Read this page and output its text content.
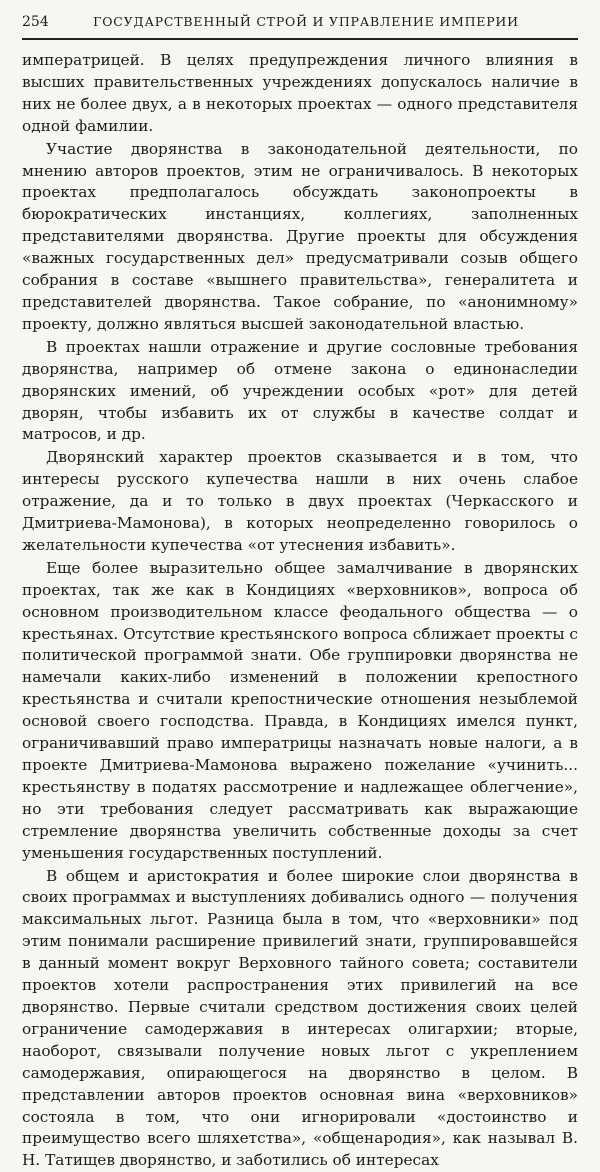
254	ГОСУДАРСТВЕННЫЙ СТРОЙ И УПРАВЛЕНИЕ ИМПЕРИИ

императрицей. В целях предупреждения личного влияния в высших правительственных учреждениях допускалось наличие в них не более двух, а в некоторых проектах — одного представителя одной фамилии.

Участие дворянства в законодательной деятельности, по мнению авторов проектов, этим не ограничивалось. В некоторых проектах предполагалось обсуждать законопроекты в бюрократических инстанциях, коллегиях, заполненных представителями дворянства. Другие проекты для обсуждения «важных государственных дел» предусматривали созыв общего собрания в составе «вышнего правительства», генералитета и представителей дворянства. Такое собрание, по «анонимному» проекту, должно являться высшей законодательной властью.

В проектах нашли отражение и другие сословные требования дворянства, например об отмене закона о единонаследии дворянских имений, об учреждении особых «рот» для детей дворян, чтобы избавить их от службы в качестве солдат и матросов, и др.

Дворянский характер проектов сказывается и в том, что интересы русского купечества нашли в них очень слабое отражение, да и то только в двух проектах (Черкасского и Дмитриева-Мамонова), в которых неопределенно говорилось о желательности купечества «от утеснения избавить».

Еще более выразительно общее замалчивание в дворянских проектах, так же как в Кондициях «верховников», вопроса об основном производительном классе феодального общества — о крестьянах. Отсутствие крестьянского вопроса сближает проекты с политической программой знати. Обе группировки дворянства не намечали каких-либо изменений в положении крепостного крестьянства и считали крепостнические отношения незыблемой основой своего господства. Правда, в Кондициях имелся пункт, ограничивавший право императрицы назначать новые налоги, а в проекте Дмитриева-Мамонова выражено пожелание «учинить... крестьянству в податях рассмотрение и надлежащее облегчение», но эти требования следует рассматривать как выражающие стремление дворянства увеличить собственные доходы за счет уменьшения государственных поступлений.

В общем и аристократия и более широкие слои дворянства в своих программах и выступлениях добивались одного — получения максимальных льгот. Разница была в том, что «верховники» под этим понимали расширение привилегий знати, группировавшейся в данный момент вокруг Верховного тайного совета; составители проектов хотели распространения этих привилегий на все дворянство. Первые считали средством достижения своих целей ограничение самодержавия в интересах олигархии; вторые, наоборот, связывали получение новых льгот с укреплением самодержавия, опирающегося на дворянство в целом. В представлении авторов проектов основная вина «верховников» состояла в том, что они игнорировали «достоинство и преимущество всего шляхетства», «общенародия», как называл В. Н. Татищев дворянство, и заботились об интересах
